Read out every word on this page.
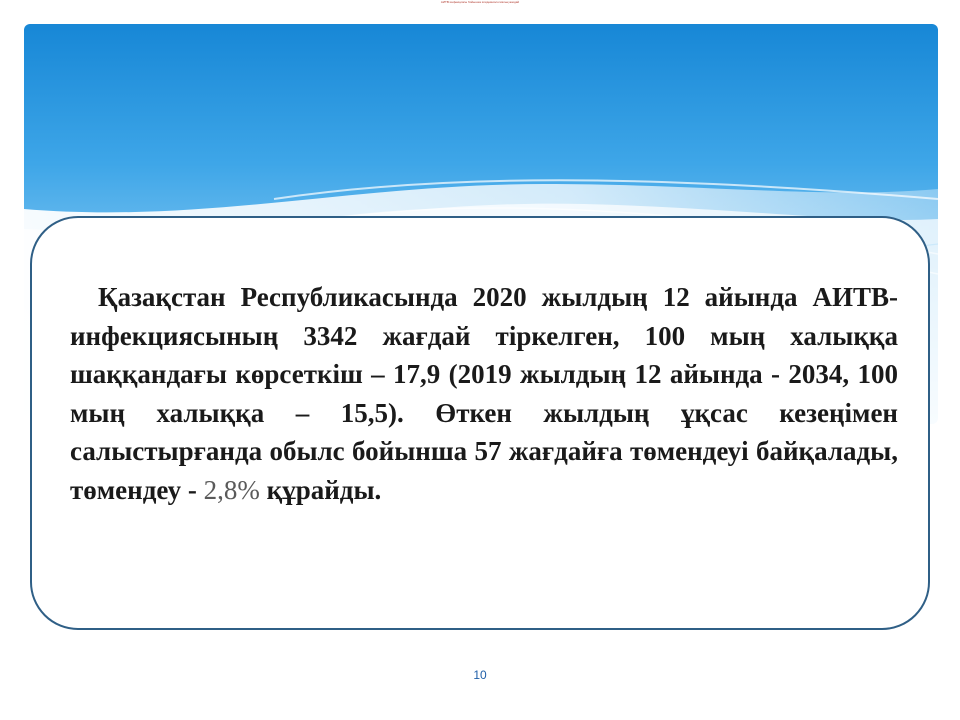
АИТВ инфекциясы бойынша эпидемиологиялық жағдай

Қазақстан Республикасында 2020 жылдың 12 айында АИТВ-инфекциясының 3342 жағдай тіркелген, 100 мың халыққа шаққандағы көрсеткіш – 17,9 (2019 жылдың 12 айында - 2034, 100 мың халыққа – 15,5). Өткен жылдың ұқсас кезеңімен салыстырғанда обылс бойынша 57 жағдайға төмендеуі байқалады, төмендеу - 2,8% құрайды.

10
